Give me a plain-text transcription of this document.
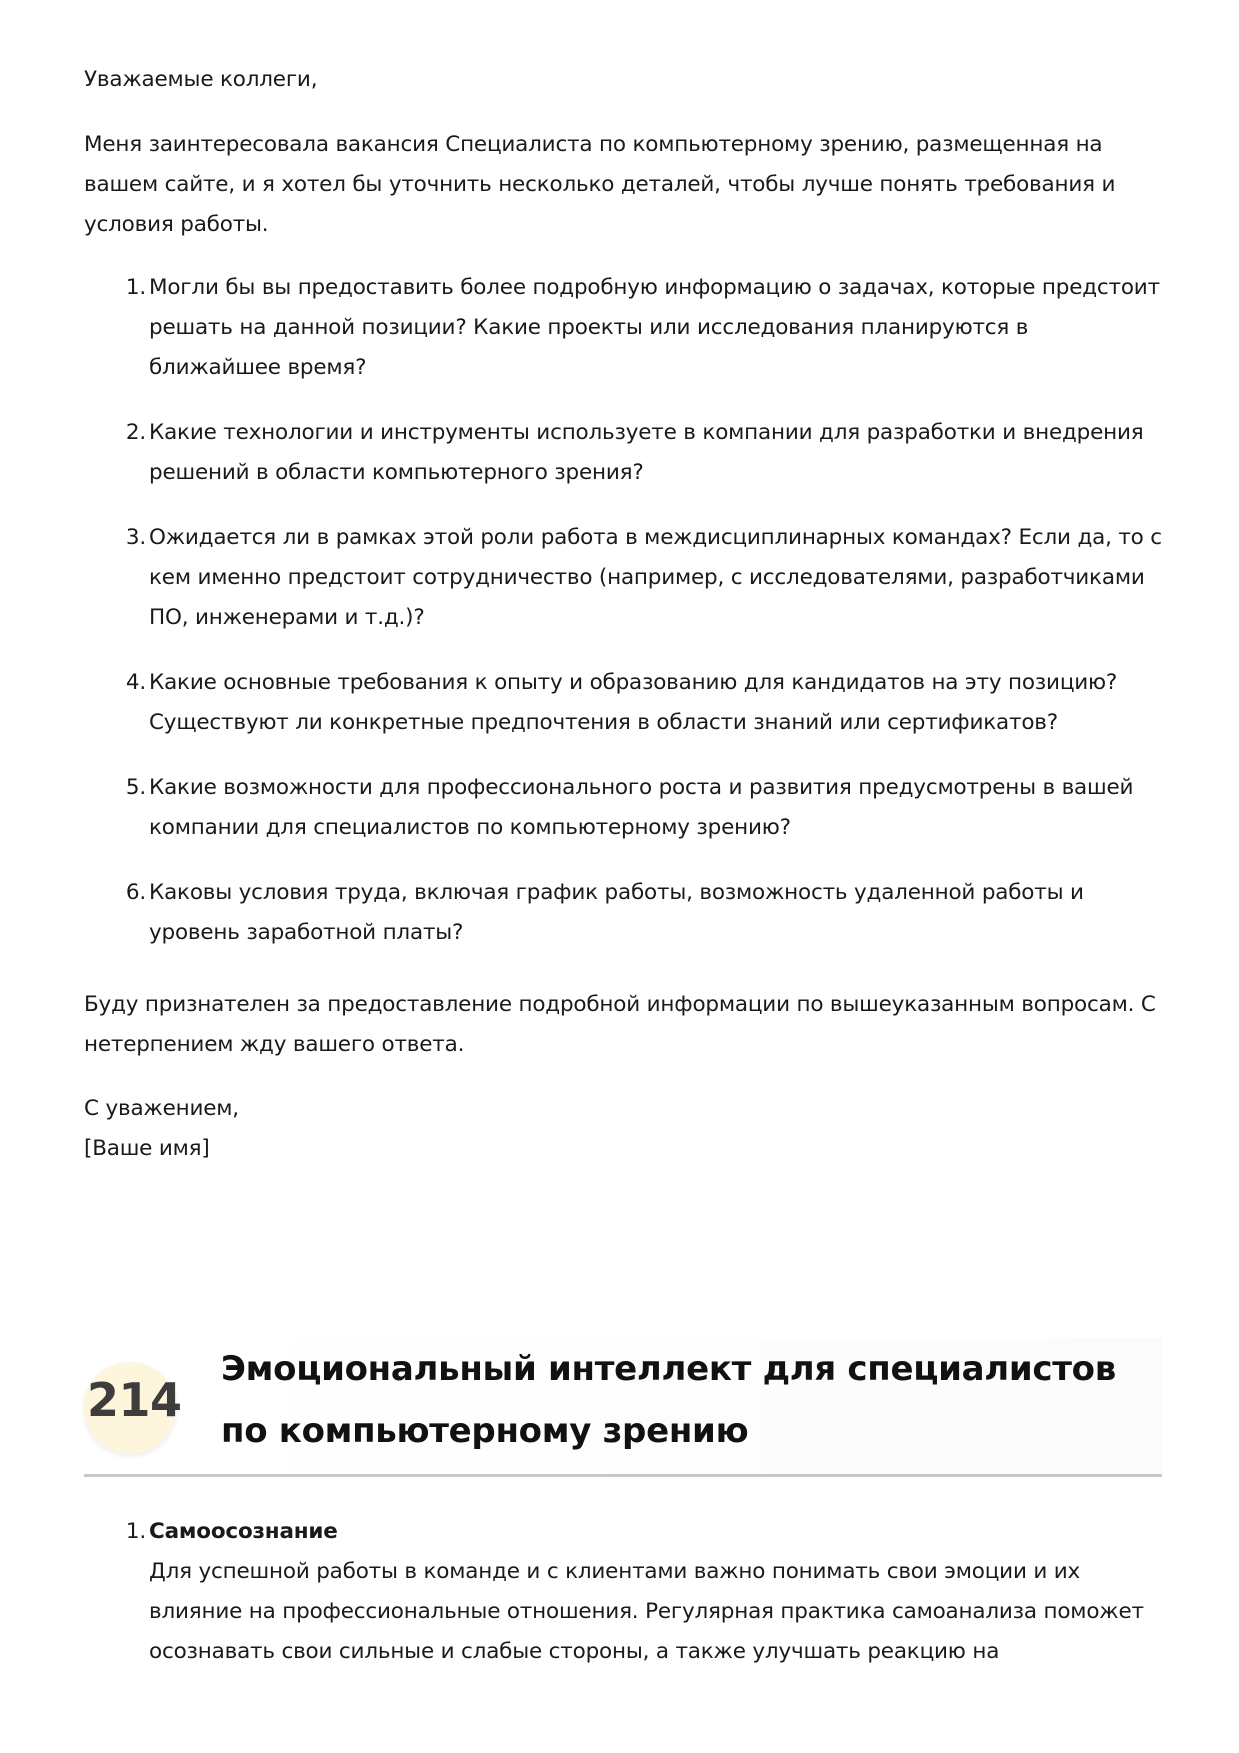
Уважаемые коллеги,

Меня заинтересовала вакансия Специалиста по компьютерному зрению, размещенная на вашем сайте, и я хотел бы уточнить несколько деталей, чтобы лучше понять требования и условия работы.

1. Могли бы вы предоставить более подробную информацию о задачах, которые предстоит решать на данной позиции? Какие проекты или исследования планируются в ближайшее время?
2. Какие технологии и инструменты используете в компании для разработки и внедрения решений в области компьютерного зрения?
3. Ожидается ли в рамках этой роли работа в междисциплинарных командах? Если да, то с кем именно предстоит сотрудничество (например, с исследователями, разработчиками ПО, инженерами и т.д.)?
4. Какие основные требования к опыту и образованию для кандидатов на эту позицию? Существуют ли конкретные предпочтения в области знаний или сертификатов?
5. Какие возможности для профессионального роста и развития предусмотрены в вашей компании для специалистов по компьютерному зрению?
6. Каковы условия труда, включая график работы, возможность удаленной работы и уровень заработной платы?

Буду признателен за предоставление подробной информации по вышеуказанным вопросам. С нетерпением жду вашего ответа.

С уважением,
[Ваше имя]
214
Эмоциональный интеллект для специалистов по компьютерному зрению
1. Самоосознание
Для успешной работы в команде и с клиентами важно понимать свои эмоции и их влияние на профессиональные отношения. Регулярная практика самоанализа поможет осознавать свои сильные и слабые стороны, а также улучшать реакцию на
